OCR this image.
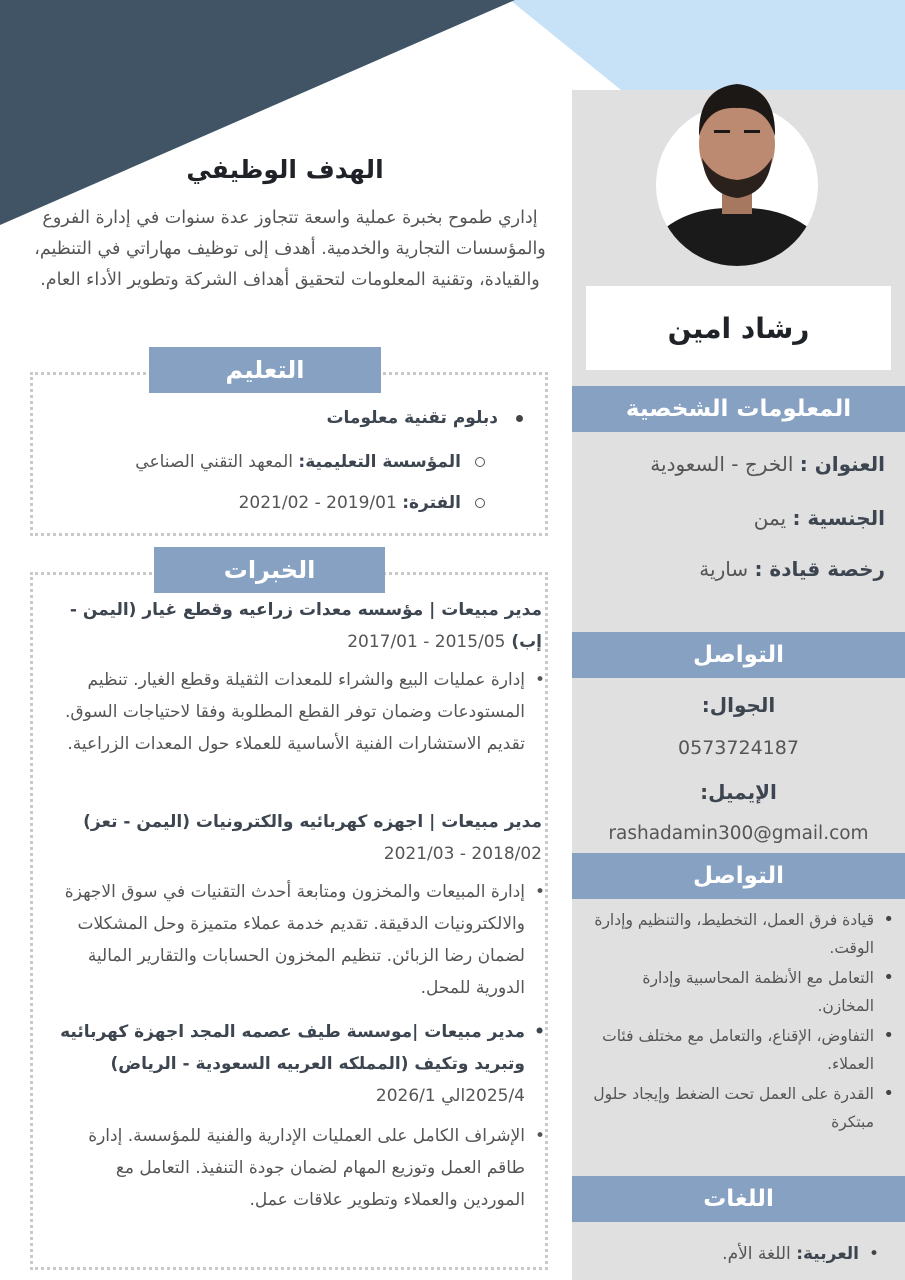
رشاد امين
المعلومات الشخصية
العنوان : الخرج - السعودية
الجنسية : يمن
رخصة قيادة : سارية
التواصل
الجوال:
0573724187
الإيميل:
rashadamin300@gmail.com
التواصل
• قيادة فرق العمل، التخطيط، والتنظيم وإدارة الوقت.
• التعامل مع الأنظمة المحاسبية وإدارة المخازن.
• التفاوض، الإقناع، والتعامل مع مختلف فئات العملاء.
• القدرة على العمل تحت الضغط وإيجاد حلول مبتكرة
اللغات
• العربية: اللغة الأم.
الهدف الوظيفي
إداري طموح بخبرة عملية واسعة تتجاوز عدة سنوات في إدارة الفروع والمؤسسات التجارية والخدمية. أهدف إلى توظيف مهاراتي في التنظيم، والقيادة، وتقنية المعلومات لتحقيق أهداف الشركة وتطوير الأداء العام.
التعليم
دبلوم تقنية معلومات
المؤسسة التعليمية: المعهد التقني الصناعي
الفترة: 2019/01 - 2021/02
الخبرات
مدير مبيعات | مؤسسه معدات زراعيه وقطع غيار (اليمن - إب) 2015/05 - 2017/01
•
إدارة عمليات البيع والشراء للمعدات الثقيلة وقطع الغيار. تنظيم المستودعات وضمان توفر القطع المطلوبة وفقا لاحتياجات السوق. تقديم الاستشارات الفنية الأساسية للعملاء حول المعدات الزراعية.
مدير مبيعات | اجهزه كهربائيه والكترونيات (اليمن - تعز) 2018/02 - 2021/03
•
إدارة المبيعات والمخزون ومتابعة أحدث التقنيات في سوق الاجهزة والالكترونيات الدقيقة. تقديم خدمة عملاء متميزة وحل المشكلات لضمان رضا الزبائن. تنظيم المخزون الحسابات والتقارير المالية الدورية للمحل.
•
مدير مبيعات |موسسة طيف عصمه المجد اجهزة كهربائيه وتبريد وتكيف (المملكه العربيه السعودية - الرياض) 2025/4الي 2026/1
•
الإشراف الكامل على العمليات الإدارية والفنية للمؤسسة. إدارة طاقم العمل وتوزيع المهام لضمان جودة التنفيذ. التعامل مع الموردين والعملاء وتطوير علاقات عمل.
